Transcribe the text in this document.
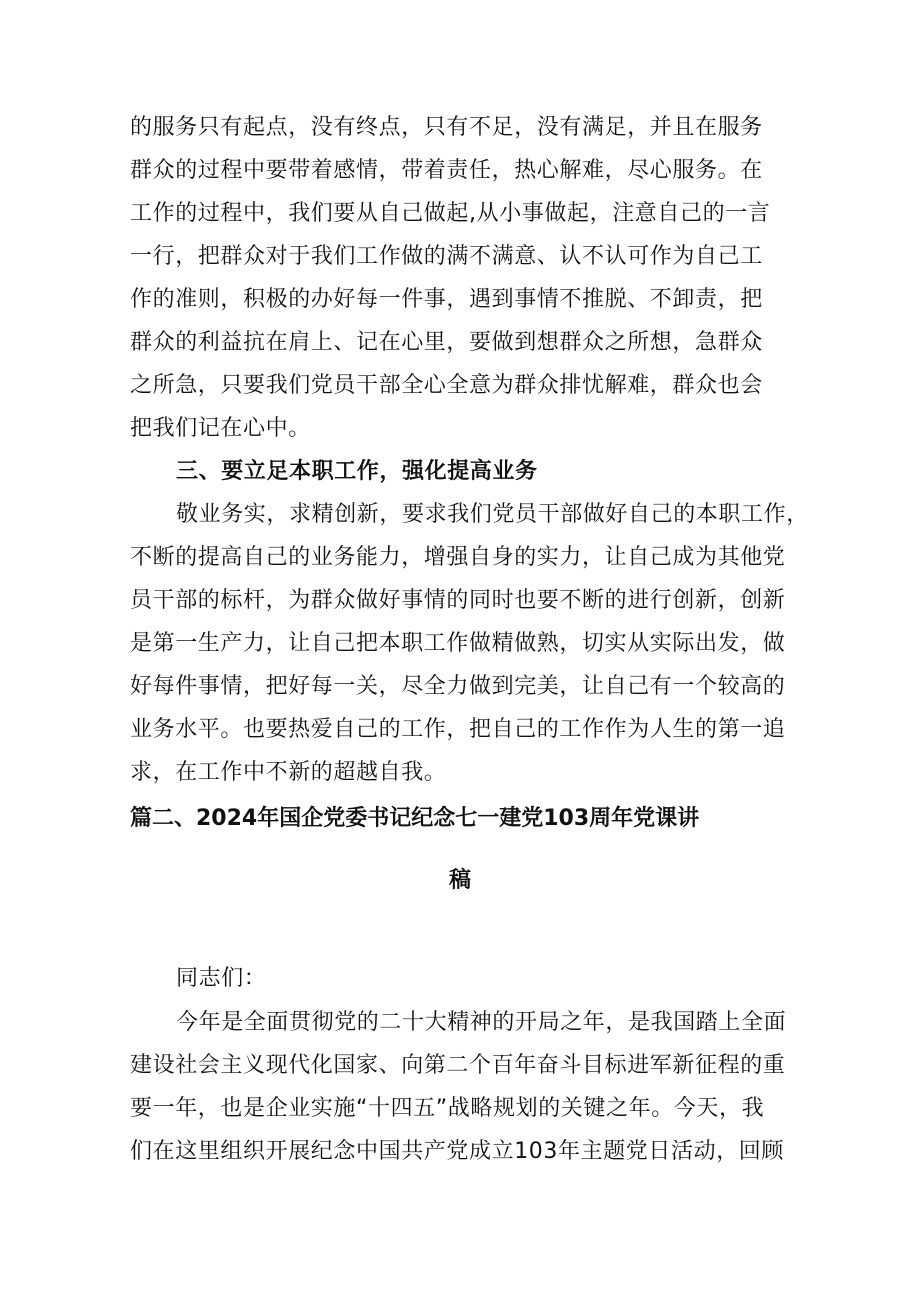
的服务只有起点，没有终点，只有不足，没有满足，并且在服务
群众的过程中要带着感情，带着责任，热心解难，尽心服务。在
工作的过程中，我们要从自己做起,从小事做起，注意自己的一言
一行，把群众对于我们工作做的满不满意、认不认可作为自己工
作的准则，积极的办好每一件事，遇到事情不推脱、不卸责，把
群众的利益抗在肩上、记在心里，要做到想群众之所想，急群众
之所急，只要我们党员干部全心全意为群众排忧解难，群众也会
把我们记在心中。
三、要立足本职工作，强化提高业务
敬业务实，求精创新，要求我们党员干部做好自己的本职工作，
不断的提高自己的业务能力，增强自身的实力，让自己成为其他党
员干部的标杆，为群众做好事情的同时也要不断的进行创新，创新
是第一生产力，让自己把本职工作做精做熟，切实从实际出发，做
好每件事情，把好每一关，尽全力做到完美，让自己有一个较高的
业务水平。也要热爱自己的工作，把自己的工作作为人生的第一追
求，在工作中不新的超越自我。
篇二、2024年国企党委书记纪念七一建党103周年党课讲
稿
同志们：
今年是全面贯彻党的二十大精神的开局之年，是我国踏上全面
建设社会主义现代化国家、向第二个百年奋斗目标进军新征程的重
要一年，也是企业实施“十四五”战略规划的关键之年。今天，我
们在这里组织开展纪念中国共产党成立103年主题党日活动，回顾
